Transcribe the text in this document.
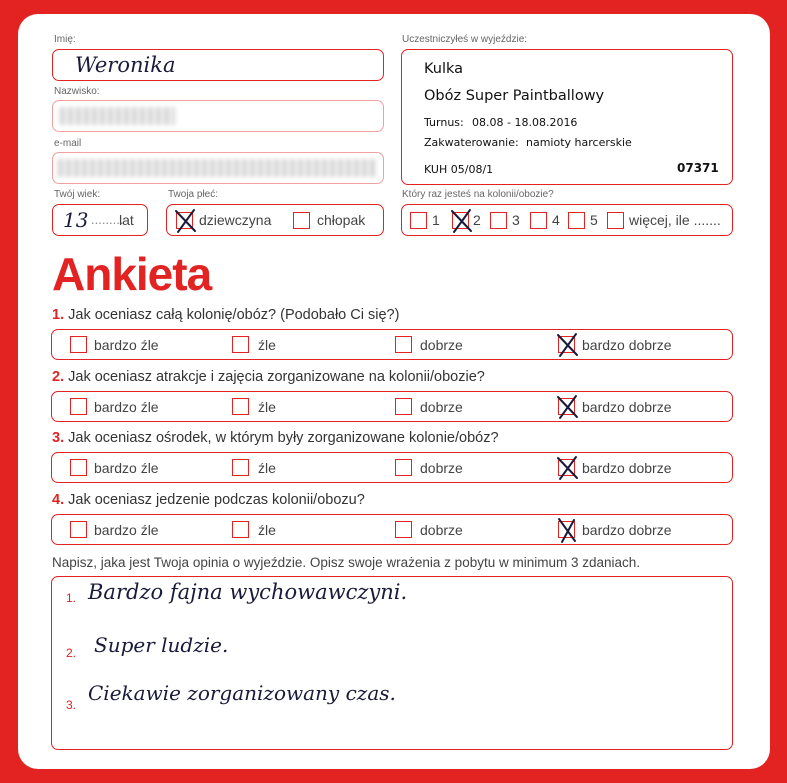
Imię:
Weronika
Nazwisko:
e-mail
Twój wiek:
13 .........
lat
Twoja płeć:
dziewczyna	chłopak
Uczestniczyłeś w wyjeździe:
Kulka
Obóz Super Paintballowy
Turnus: 08.08 - 18.08.2016
Zakwaterowanie: namioty harcerskie
KUH 05/08/1	07371
Który raz jesteś na kolonii/obozie?
1 2 3 4 5 więcej, ile .......
Ankieta
1. Jak oceniasz całą kolonię/obóz? (Podobało Ci się?)
bardzo źle	źle	dobrze	bardzo dobrze
2. Jak oceniasz atrakcje i zajęcia zorganizowane na kolonii/obozie?
bardzo źle	źle	dobrze	bardzo dobrze
3. Jak oceniasz ośrodek, w którym były zorganizowane kolonie/obóz?
bardzo źle	źle	dobrze	bardzo dobrze
4. Jak oceniasz jedzenie podczas kolonii/obozu?
bardzo źle	źle	dobrze	bardzo dobrze
Napisz, jaka jest Twoja opinia o wyjeździe. Opisz swoje wrażenia z pobytu w minimum 3 zdaniach.
1. Bardzo fajna wychowawczyni.
2. Super ludzie.
3. Ciekawie zorganizowany czas.
